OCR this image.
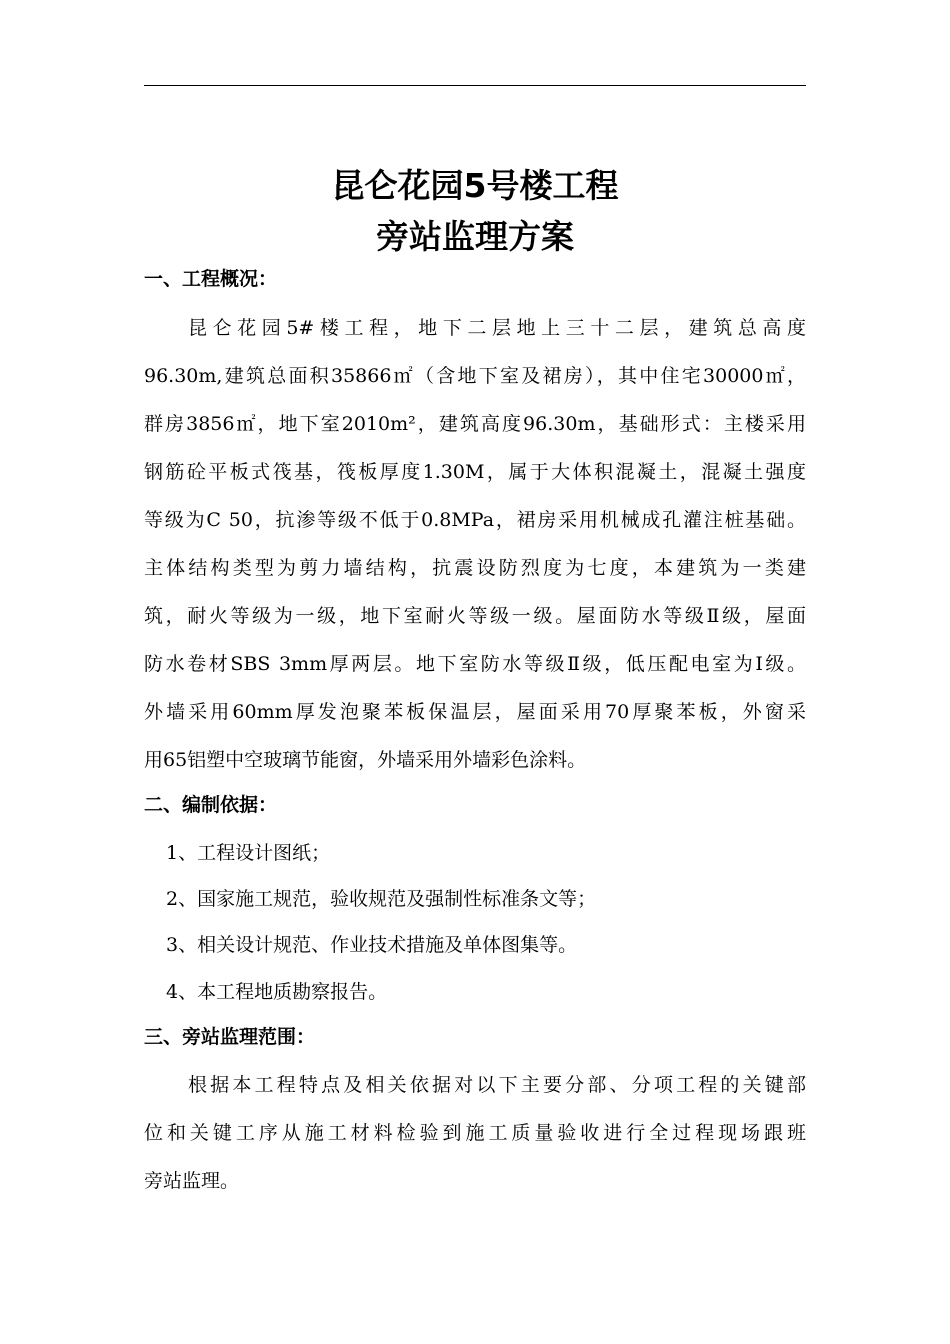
昆仑花园5号楼工程
旁站监理方案
一、工程概况：
昆仑花园5#楼工程，地下二层地上三十二层，建筑总高度
96.30m,建筑总面积35866㎡（含地下室及裙房），其中住宅30000㎡，
群房3856㎡，地下室2010m²，建筑高度96.30m，基础形式：主楼采用
钢筋砼平板式筏基，筏板厚度1.30M，属于大体积混凝土，混凝土强度
等级为C 50，抗渗等级不低于0.8MPa，裙房采用机械成孔灌注桩基础。
主体结构类型为剪力墙结构，抗震设防烈度为七度，本建筑为一类建
筑，耐火等级为一级，地下室耐火等级一级。屋面防水等级Ⅱ级，屋面
防水卷材SBS 3mm厚两层。地下室防水等级Ⅱ级，低压配电室为Ⅰ级。
外墙采用60mm厚发泡聚苯板保温层，屋面采用70厚聚苯板，外窗采
用65铝塑中空玻璃节能窗，外墙采用外墙彩色涂料。
二、编制依据：
1、工程设计图纸；
2、国家施工规范，验收规范及强制性标准条文等；
3、相关设计规范、作业技术措施及单体图集等。
4、本工程地质勘察报告。
三、旁站监理范围：
根据本工程特点及相关依据对以下主要分部、分项工程的关键部
位和关键工序从施工材料检验到施工质量验收进行全过程现场跟班
旁站监理。
